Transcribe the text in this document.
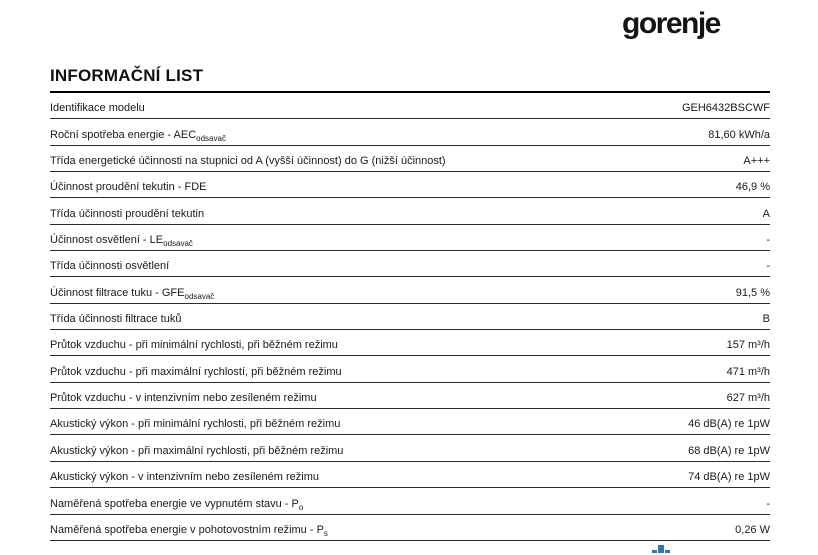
gorenje
INFORMAČNÍ LIST
Identifikace modelu	GEH6432BSCWF
Roční spotřeba energie - $AEC_{odsavač}$	81,60 kWh/a
Třída energetické účinnosti na stupnici od A (vyšší účinnost) do G (nižší účinnost)	A+++
Účinnost proudění tekutin - FDE	46,9 %
Třída účinnosti proudění tekutin	A
Účinnost osvětlení - $LE_{odsavač}$	-
Třída účinnosti osvětlení	-
Účinnost filtrace tuku - $GFE_{odsavač}$	91,5 %
Třída účinnosti filtrace tuků	B
Průtok vzduchu - při minimální rychlosti, při běžném režimu	157 m³/h
Průtok vzduchu - při maximální rychlostí, při běžném režimu	471 m³/h
Průtok vzduchu - v intenzivním nebo zesíleném režimu	627 m³/h
Akustický výkon - při minimální rychlosti, při běžném režimu	46 dB(A) re 1pW
Akustický výkon - při maximální rychlosti, při běžném režimu	68 dB(A) re 1pW
Akustický výkon - v intenzivním nebo zesíleném režimu	74 dB(A) re 1pW
Naměřená spotřeba energie ve vypnutém stavu - $P_o$	-
Naměřená spotřeba energie v pohotovostním režimu - $P_s$	0,26 W
